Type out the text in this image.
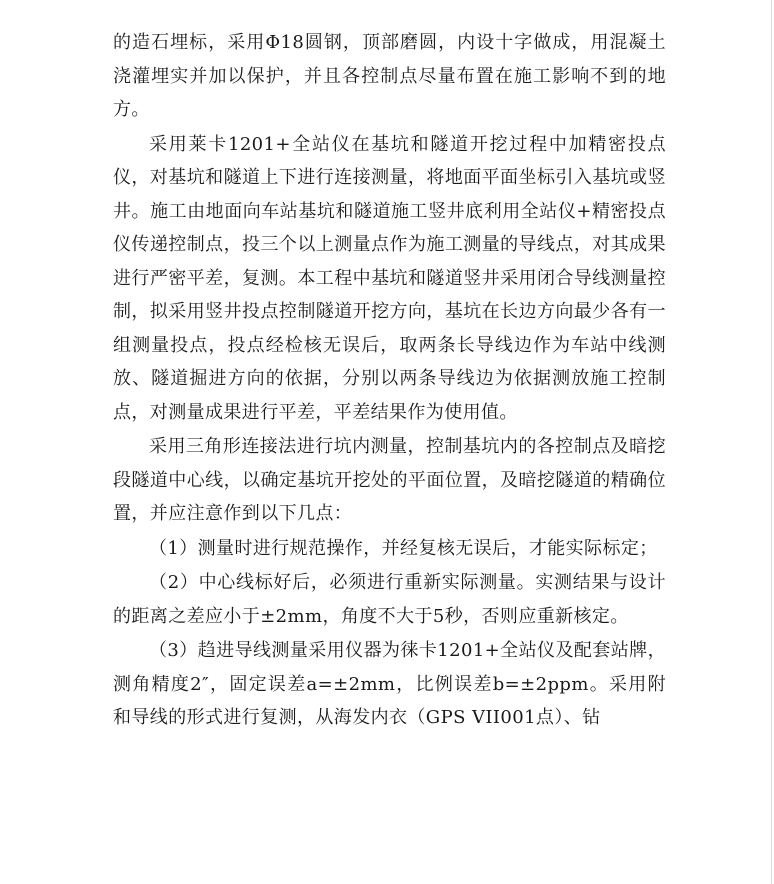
的造石埋标，采用Φ18圆钢，顶部磨圆，内设十字做成，用混凝土浇灌埋实并加以保护，并且各控制点尽量布置在施工影响不到的地方。

采用莱卡1201+全站仪在基坑和隧道开挖过程中加精密投点仪，对基坑和隧道上下进行连接测量，将地面平面坐标引入基坑或竖井。施工由地面向车站基坑和隧道施工竖井底利用全站仪+精密投点仪传递控制点，投三个以上测量点作为施工测量的导线点，对其成果进行严密平差，复测。本工程中基坑和隧道竖井采用闭合导线测量控制，拟采用竖井投点控制隧道开挖方向，基坑在长边方向最少各有一组测量投点，投点经检核无误后，取两条长导线边作为车站中线测放、隧道掘进方向的依据，分别以两条导线边为依据测放施工控制点，对测量成果进行平差，平差结果作为使用值。

采用三角形连接法进行坑内测量，控制基坑内的各控制点及暗挖段隧道中心线，以确定基坑开挖处的平面位置，及暗挖隧道的精确位置，并应注意作到以下几点：

（1）测量时进行规范操作，并经复核无误后，才能实际标定；

（2）中心线标好后，必须进行重新实际测量。实测结果与设计的距离之差应小于±2mm，角度不大于5秒，否则应重新核定。

（3）趋进导线测量采用仪器为徕卡1201+全站仪及配套站牌，测角精度2″，固定误差a=±2mm，比例误差b=±2ppm。采用附和导线的形式进行复测，从海发内衣（GPS VII001点）、钻
